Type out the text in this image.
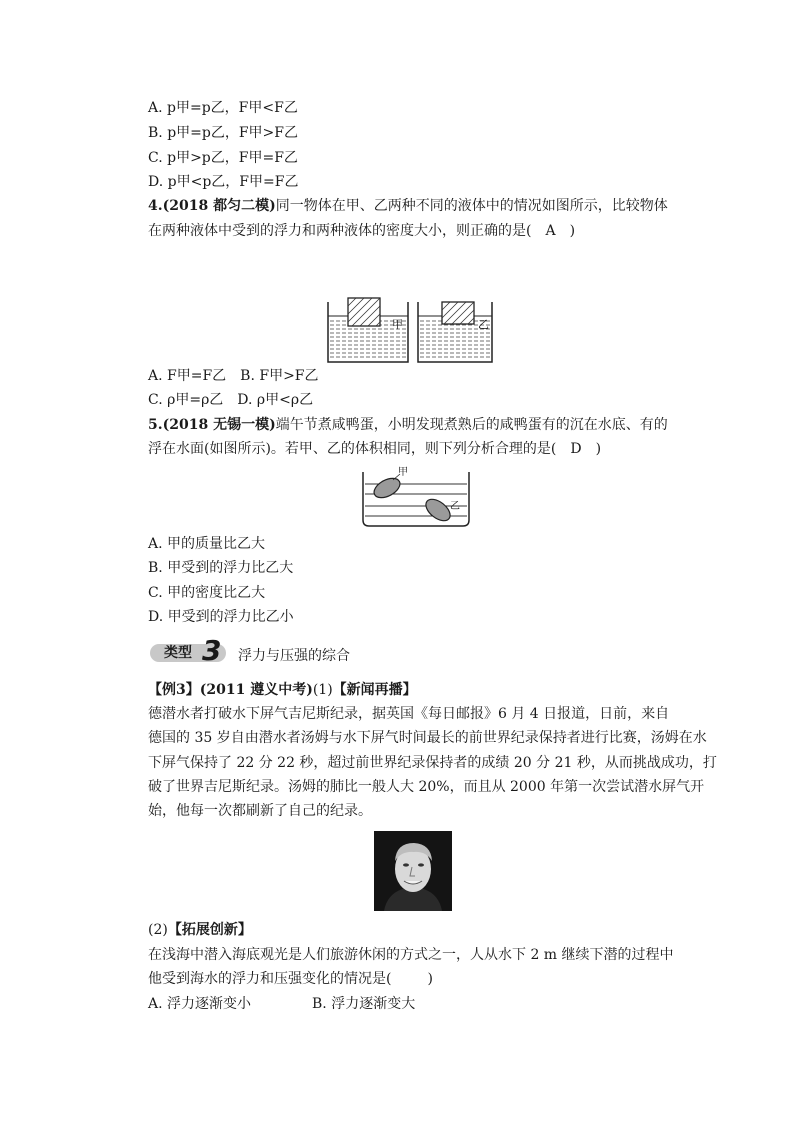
A. p甲=p乙，F甲<F乙
B. p甲=p乙，F甲>F乙
C. p甲>p乙，F甲=F乙
D. p甲<p乙，F甲=F乙
4.(2018 都匀二模)同一物体在甲、乙两种不同的液体中的情况如图所示，比较物体
在两种液体中受到的浮力和两种液体的密度大小，则正确的是(　A　)
甲	乙
A. F甲=F乙　B. F甲>F乙
C. ρ甲=ρ乙　D. ρ甲<ρ乙
5.(2018 无锡一模)端午节煮咸鸭蛋，小明发现煮熟后的咸鸭蛋有的沉在水底、有的
浮在水面(如图所示)。若甲、乙的体积相同，则下列分析合理的是(　D　)
甲
乙
A. 甲的质量比乙大
B. 甲受到的浮力比乙大
C. 甲的密度比乙大
D. 甲受到的浮力比乙小
类型 3 浮力与压强的综合
【例3】(2011 遵义中考)(1)【新闻再播】
德潜水者打破水下屏气吉尼斯纪录，据英国《每日邮报》6 月 4 日报道，日前，来自
德国的 35 岁自由潜水者汤姆与水下屏气时间最长的前世界纪录保持者进行比赛，汤姆在水
下屏气保持了 22 分 22 秒，超过前世界纪录保持者的成绩 20 分 21 秒，从而挑战成功，打
破了世界吉尼斯纪录。汤姆的肺比一般人大 20%，而且从 2000 年第一次尝试潜水屏气开
始，他每一次都刷新了自己的纪录。
(2)【拓展创新】
在浅海中潜入海底观光是人们旅游休闲的方式之一，人从水下 2 m 继续下潜的过程中
他受到海水的浮力和压强变化的情况是(	)
A. 浮力逐渐变小	B. 浮力逐渐变大
